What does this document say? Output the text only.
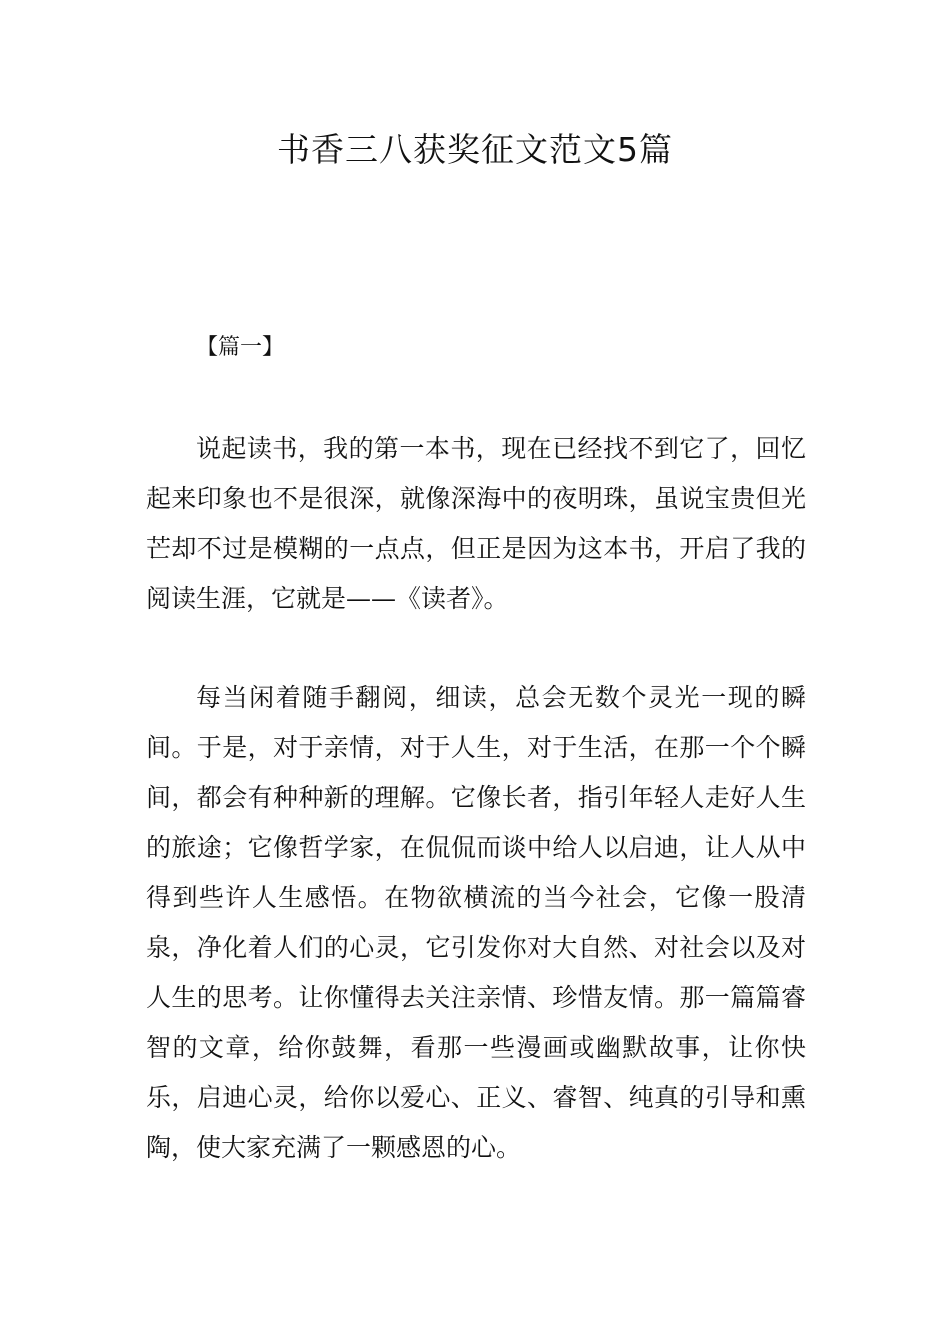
书香三八获奖征文范文5篇
【篇一】

说起读书，我的第一本书，现在已经找不到它了，回忆起来印象也不是很深，就像深海中的夜明珠，虽说宝贵但光芒却不过是模糊的一点点，但正是因为这本书，开启了我的阅读生涯，它就是——《读者》。

每当闲着随手翻阅，细读，总会无数个灵光一现的瞬间。于是，对于亲情，对于人生，对于生活，在那一个个瞬间，都会有种种新的理解。它像长者，指引年轻人走好人生的旅途；它像哲学家，在侃侃而谈中给人以启迪，让人从中得到些许人生感悟。在物欲横流的当今社会，它像一股清泉，净化着人们的心灵，它引发你对大自然、对社会以及对人生的思考。让你懂得去关注亲情、珍惜友情。那一篇篇睿智的文章，给你鼓舞，看那一些漫画或幽默故事，让你快乐，启迪心灵，给你以爱心、正义、睿智、纯真的引导和熏陶，使大家充满了一颗感恩的心。
